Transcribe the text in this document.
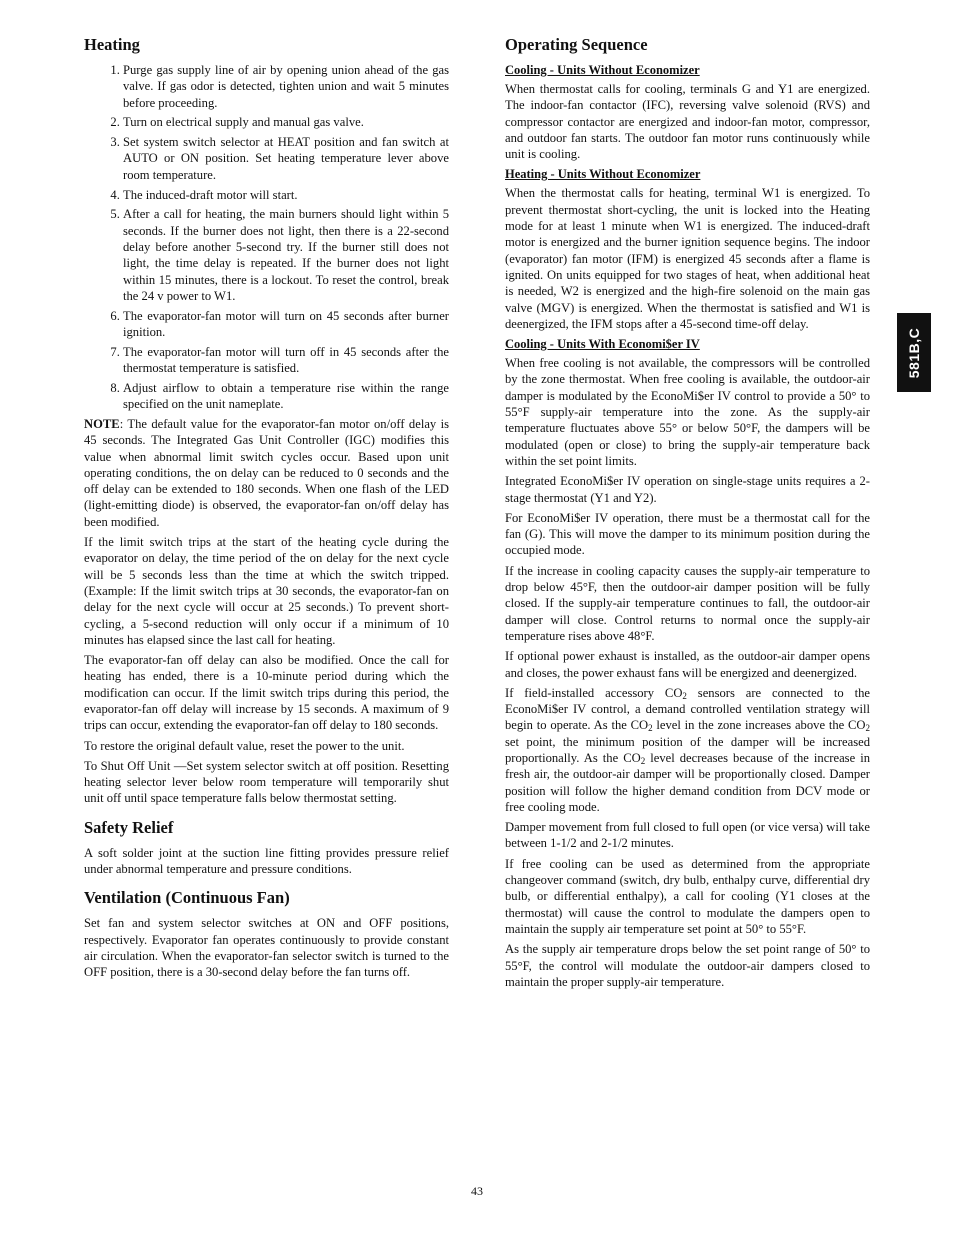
Heating
1. Purge gas supply line of air by opening union ahead of the gas valve. If gas odor is detected, tighten union and wait 5 minutes before proceeding.
2. Turn on electrical supply and manual gas valve.
3. Set system switch selector at HEAT position and fan switch at AUTO or ON position. Set heating temperature lever above room temperature.
4. The induced-draft motor will start.
5. After a call for heating, the main burners should light within 5 seconds. If the burner does not light, then there is a 22-second delay before another 5-second try. If the burner still does not light, the time delay is repeated. If the burner does not light within 15 minutes, there is a lockout. To reset the control, break the 24 v power to W1.
6. The evaporator-fan motor will turn on 45 seconds after burner ignition.
7. The evaporator-fan motor will turn off in 45 seconds after the thermostat temperature is satisfied.
8. Adjust airflow to obtain a temperature rise within the range specified on the unit nameplate.

NOTE: The default value for the evaporator-fan motor on/off delay is 45 seconds. The Integrated Gas Unit Controller (IGC) modifies this value when abnormal limit switch cycles occur. Based upon unit operating conditions, the on delay can be reduced to 0 seconds and the off delay can be extended to 180 seconds. When one flash of the LED (light-emitting diode) is observed, the evaporator-fan on/off delay has been modified.

If the limit switch trips at the start of the heating cycle during the evaporator on delay, the time period of the on delay for the next cycle will be 5 seconds less than the time at which the switch tripped. (Example: If the limit switch trips at 30 seconds, the evaporator-fan on delay for the next cycle will occur at 25 seconds.) To prevent short-cycling, a 5-second reduction will only occur if a minimum of 10 minutes has elapsed since the last call for heating.

The evaporator-fan off delay can also be modified. Once the call for heating has ended, there is a 10-minute period during which the modification can occur. If the limit switch trips during this period, the evaporator-fan off delay will increase by 15 seconds. A maximum of 9 trips can occur, extending the evaporator-fan off delay to 180 seconds.

To restore the original default value, reset the power to the unit.

To Shut Off Unit —Set system selector switch at off position. Resetting heating selector lever below room temperature will temporarily shut unit off until space temperature falls below thermostat setting.

Safety Relief

A soft solder joint at the suction line fitting provides pressure relief under abnormal temperature and pressure conditions.

Ventilation (Continuous Fan)

Set fan and system selector switches at ON and OFF positions, respectively. Evaporator fan operates continuously to provide constant air circulation. When the evaporator‑fan selector switch is turned to the OFF position, there is a 30‑second delay before the fan turns off.

Operating Sequence
Cooling ‑ Units Without Economizer

When thermostat calls for cooling, terminals G and Y1 are energized. The indoor-fan contactor (IFC), reversing valve solenoid (RVS) and compressor contactor are energized and indoor-fan motor, compressor, and outdoor fan starts. The outdoor fan motor runs continuously while unit is cooling.

Heating ‑ Units Without Economizer

When the thermostat calls for heating, terminal W1 is energized. To prevent thermostat short‑cycling, the unit is locked into the Heating mode for at least 1 minute when W1 is energized. The induced‑draft motor is energized and the burner ignition sequence begins. The indoor (evaporator) fan motor (IFM) is energized 45 seconds after a flame is ignited. On units equipped for two stages of heat, when additional heat is needed, W2 is energized and the high‑fire solenoid on the main gas valve (MGV) is energized. When the thermostat is satisfied and W1 is deenergized, the IFM stops after a 45‑second time‑off delay.

Cooling ‑ Units With Economi$er IV

When free cooling is not available, the compressors will be controlled by the zone thermostat. When free cooling is available, the outdoor-air damper is modulated by the EconoMi$er IV control to provide a 50° to 55°F supply-air temperature into the zone. As the supply-air temperature fluctuates above 55° or below 50°F, the dampers will be modulated (open or close) to bring the supply-air temperature back within the set point limits.

Integrated EconoMi$er IV operation on single-stage units requires a 2-stage thermostat (Y1 and Y2).

For EconoMi$er IV operation, there must be a thermostat call for the fan (G). This will move the damper to its minimum position during the occupied mode.

If the increase in cooling capacity causes the supply‑air temperature to drop below 45°F, then the outdoor‑air damper position will be fully closed. If the supply‑air temperature continues to fall, the outdoor‑air damper will close. Control returns to normal once the supply‑air temperature rises above 48°F.

If optional power exhaust is installed, as the outdoor‑air damper opens and closes, the power exhaust fans will be energized and deenergized.

If field‑installed accessory $CO_2$ sensors are connected to the EconoMi$er IV control, a demand controlled ventilation strategy will begin to operate. As the $CO_2$ level in the zone increases above the $CO_2$ set point, the minimum position of the damper will be increased proportionally. As the $CO_2$ level decreases because of the increase in fresh air, the outdoor‑air damper will be proportionally closed. Damper position will follow the higher demand condition from DCV mode or free cooling mode.

Damper movement from full closed to full open (or vice versa) will take between 1‑1/2 and 2‑1/2 minutes.

If free cooling can be used as determined from the appropriate changeover command (switch, dry bulb, enthalpy curve, differential dry bulb, or differential enthalpy), a call for cooling (Y1 closes at the thermostat) will cause the control to modulate the dampers open to maintain the supply air temperature set point at 50° to 55°F.

As the supply air temperature drops below the set point range of 50° to 55°F, the control will modulate the outdoor‑air dampers closed to maintain the proper supply‑air temperature.

581B,C
43
